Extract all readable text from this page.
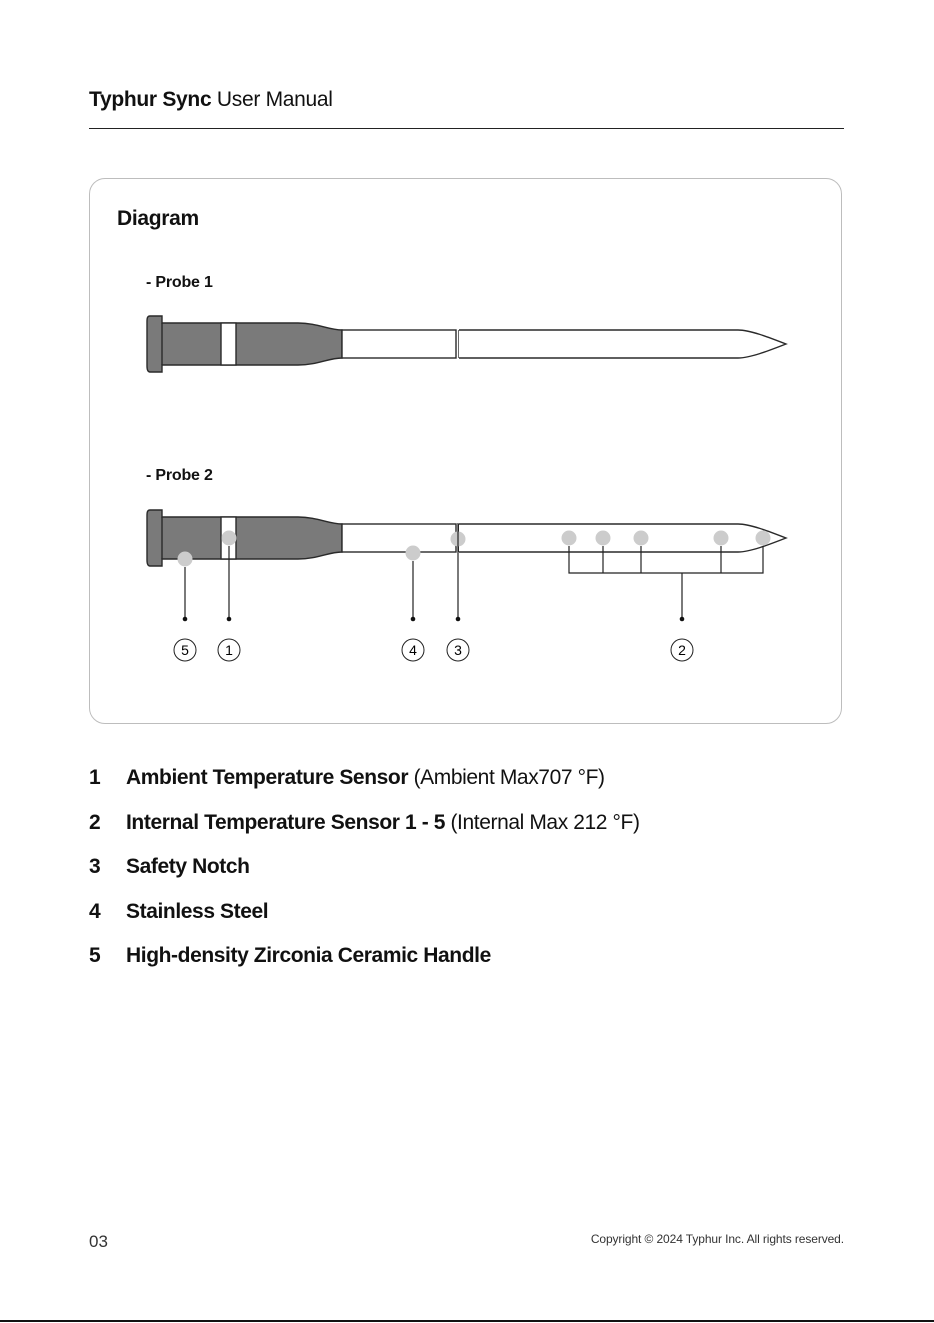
Typhur Sync User Manual
Diagram
- Probe 1
- Probe 2
5	1	4	3	2
1 Ambient Temperature Sensor (Ambient Max707 °F)
2 Internal Temperature Sensor 1 - 5 (Internal Max 212 °F)
3 Safety Notch
4 Stainless Steel
5 High-density Zirconia Ceramic Handle
03	Copyright © 2024 Typhur Inc. All rights reserved.
